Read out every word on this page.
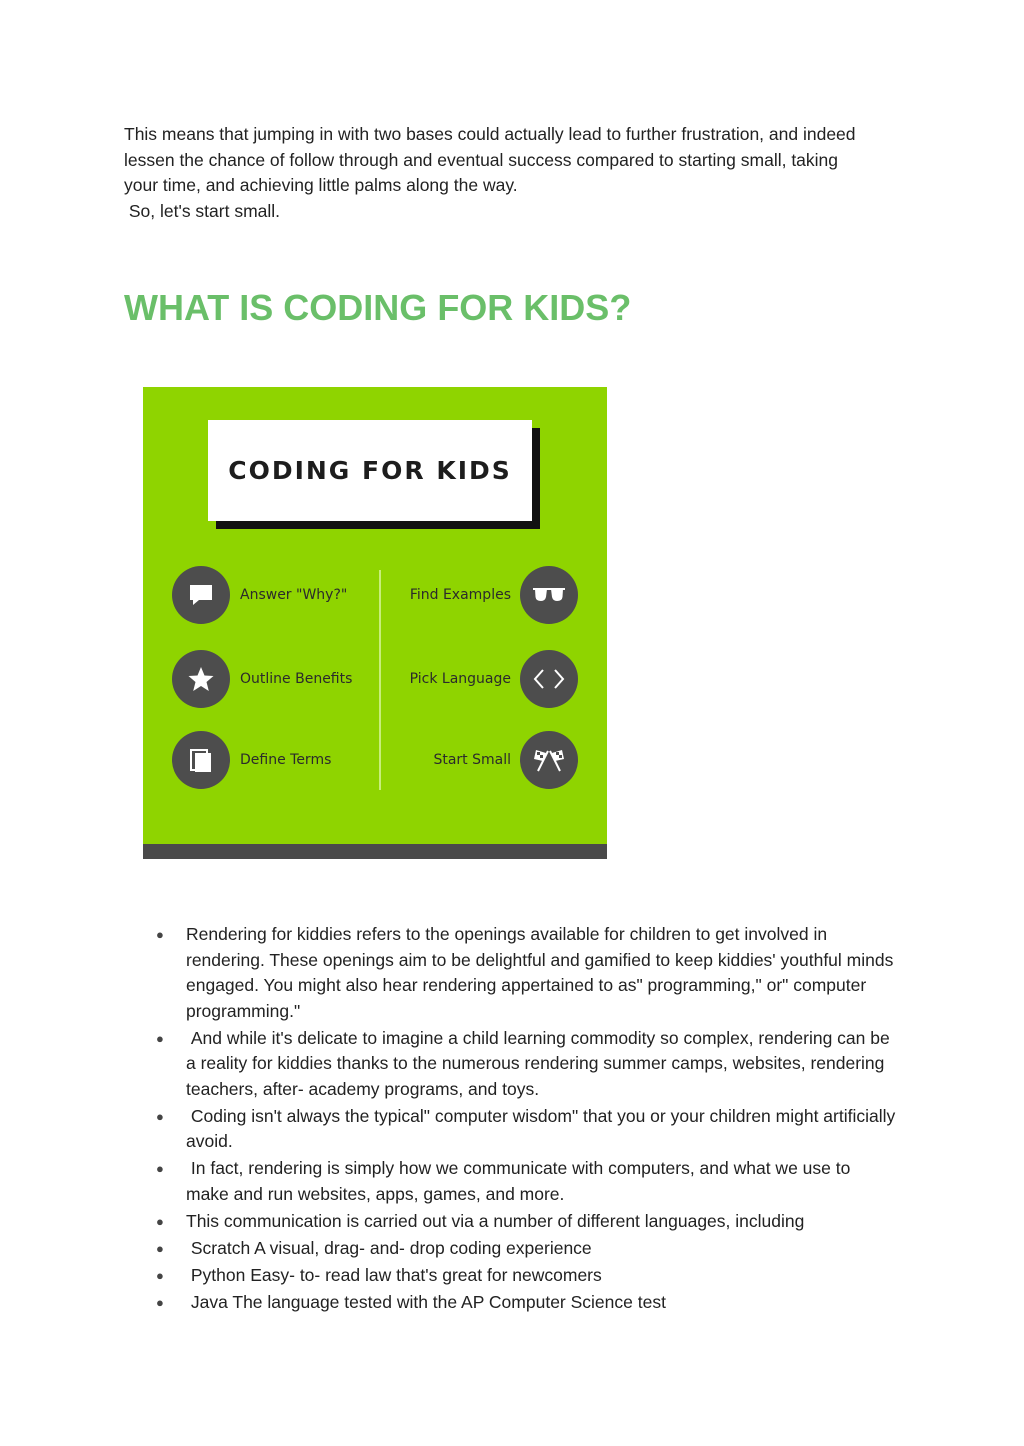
This means that jumping in with two bases could actually lead to further frustration, and indeed lessen the chance of follow through and eventual success compared to starting small, taking your time, and achieving little palms along the way.

So, let's start small.

WHAT IS CODING FOR KIDS?
CODING FOR KIDS
Answer "Why?"
Outline Benefits
Define Terms
Find Examples
Pick Language
Start Small
● Rendering for kiddies refers to the openings available for children to get involved in rendering. These openings aim to be delightful and gamified to keep kiddies' youthful minds engaged. You might also hear rendering appertained to as" programming," or" computer programming."
● And while it's delicate to imagine a child learning commodity so complex, rendering can be a reality for kiddies thanks to the numerous rendering summer camps, websites, rendering teachers, after- academy programs, and toys.
● Coding isn't always the typical" computer wisdom" that you or your children might artificially avoid.
● In fact, rendering is simply how we communicate with computers, and what we use to make and run websites, apps, games, and more.
● This communication is carried out via a number of different languages, including
● Scratch A visual, drag- and- drop coding experience
● Python Easy- to- read law that's great for newcomers
● Java The language tested with the AP Computer Science test
